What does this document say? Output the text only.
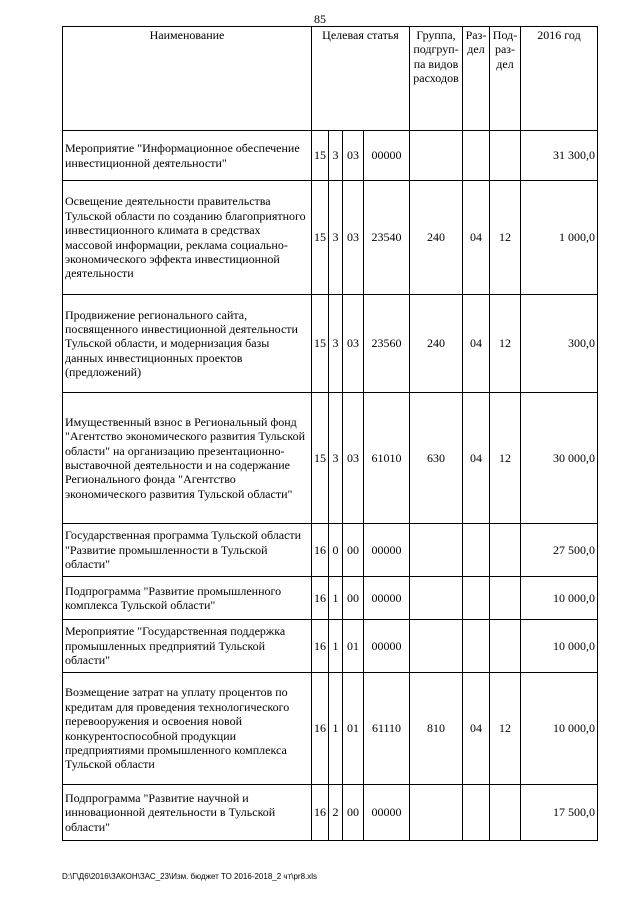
85
Наименование	Целевая статья				Группа, подгруп- па видов расходов	Раз- дел	Под- раз- дел	2016 год
Мероприятие "Информационное обеспечение инвестиционной деятельности"	15	3	03	00000				31 300,0
Освещение деятельности правительства Тульской области по созданию благоприятного инвестиционного климата в средствах массовой информации, реклама социально-экономического эффекта инвестиционной деятельности	15	3	03	23540	240	04	12	1 000,0
Продвижение регионального сайта, посвященного инвестиционной деятельности Тульской области, и модернизация базы данных инвестиционных проектов (предложений)	15	3	03	23560	240	04	12	300,0
Имущественный взнос в Региональный фонд "Агентство экономического развития Тульской области" на организацию презентационно-выставочной деятельности и на содержание Регионального фонда "Агентство экономического развития Тульской области"	15	3	03	61010	630	04	12	30 000,0
Государственная программа Тульской области "Развитие промышленности в Тульской области"	16	0	00	00000				27 500,0
Подпрограмма "Развитие промышленного комплекса Тульской области"	16	1	00	00000				10 000,0
Мероприятие "Государственная поддержка промышленных предприятий Тульской области"	16	1	01	00000				10 000,0
Возмещение затрат на уплату процентов по кредитам для проведения технологического перевооружения и освоения новой конкурентоспособной продукции предприятиями промышленного комплекса Тульской области	16	1	01	61110	810	04	12	10 000,0
Подпрограмма "Развитие научной и инновационной деятельности в Тульской области"	16	2	00	00000				17 500,0
D:\Г\Д6\2016\ЗАКОН\ЗАС_23\Изм. бюджет ТО 2016-2018_2 чт\pr8.xls
